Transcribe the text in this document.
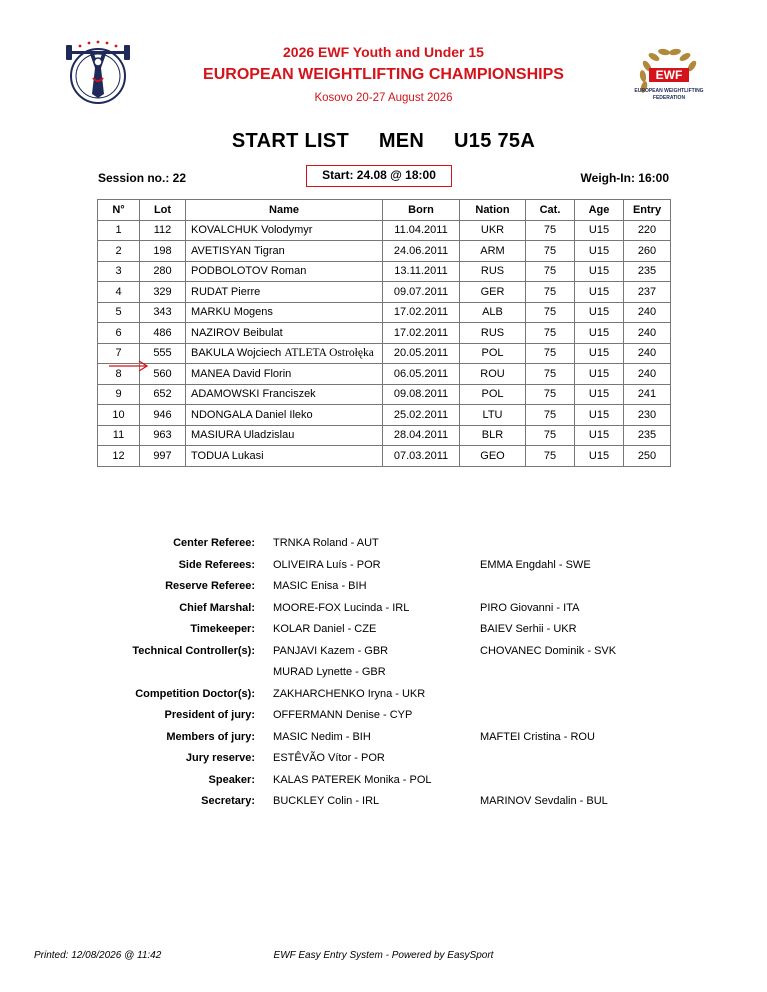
EWF
EUROPEAN WEIGHTLIFTING
FEDERATION
2026 EWF Youth and Under 15
EUROPEAN WEIGHTLIFTING CHAMPIONSHIPS
Kosovo 20-27 August 2026
START LIST MEN U15 75A
Session no.: 22	Start: 24.08 @ 18:00	Weigh-In: 16:00
N°	Lot	Name	Born	Nation	Cat.	Age	Entry
1	112	KOVALCHUK Volodymyr	11.04.2011	UKR	75	U15	220
2	198	AVETISYAN Tigran	24.06.2011	ARM	75	U15	260
3	280	PODBOLOTOV Roman	13.11.2011	RUS	75	U15	235
4	329	RUDAT Pierre	09.07.2011	GER	75	U15	237
5	343	MARKU Mogens	17.02.2011	ALB	75	U15	240
6	486	NAZIROV Beibulat	17.02.2011	RUS	75	U15	240
7	555	BAKULA Wojciech ATLETA Ostrołęka	20.05.2011	POL	75	U15	240
8	560	MANEA David Florin	06.05.2011	ROU	75	U15	240
9	652	ADAMOWSKI Franciszek	09.08.2011	POL	75	U15	241
10	946	NDONGALA Daniel Ileko	25.02.2011	LTU	75	U15	230
11	963	MASIURA Uladzislau	28.04.2011	BLR	75	U15	235
12	997	TODUA Lukasi	07.03.2011	GEO	75	U15	250
Center Referee: TRNKA Roland - AUT
Side Referees: OLIVEIRA Luís - POR	EMMA Engdahl - SWE
Reserve Referee: MASIC Enisa - BIH
Chief Marshal: MOORE-FOX Lucinda - IRL	PIRO Giovanni - ITA
Timekeeper: KOLAR Daniel - CZE	BAIEV Serhii - UKR
Technical Controller(s): PANJAVI Kazem - GBR	CHOVANEC Dominik - SVK
MURAD Lynette - GBR
Competition Doctor(s): ZAKHARCHENKO Iryna - UKR
President of jury: OFFERMANN Denise - CYP
Members of jury: MASIC Nedim - BIH	MAFTEI Cristina - ROU
Jury reserve: ESTÊVÃO Vítor - POR
Speaker: KALAS PATEREK Monika - POL
Secretary: BUCKLEY Colin - IRL	MARINOV Sevdalin - BUL
Printed: 12/08/2026 @ 11:42	EWF Easy Entry System - Powered by EasySport
